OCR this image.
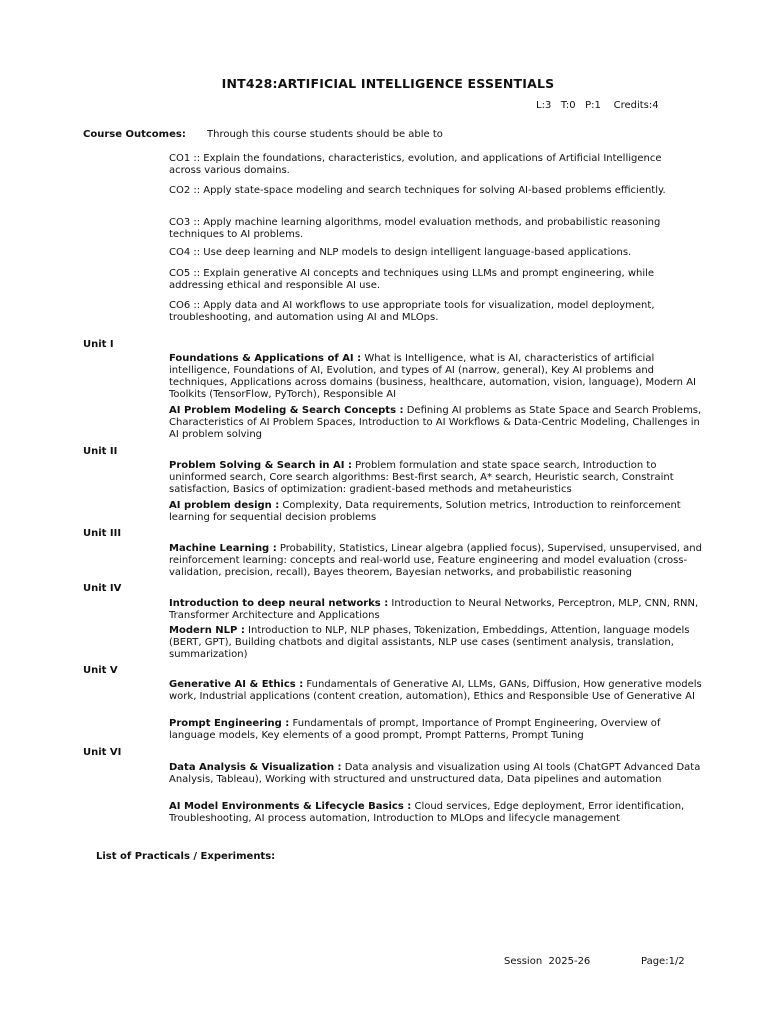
INT428:ARTIFICIAL INTELLIGENCE ESSENTIALS
L:3   T:0   P:1    Credits:4
Course Outcomes: Through this course students should be able to
CO1 :: Explain the foundations, characteristics, evolution, and applications of Artificial Intelligence across various domains.
CO2 :: Apply state-space modeling and search techniques for solving AI-based problems efficiently.
CO3 :: Apply machine learning algorithms, model evaluation methods, and probabilistic reasoning techniques to AI problems.
CO4 :: Use deep learning and NLP models to design intelligent language-based applications.
CO5 :: Explain generative AI concepts and techniques using LLMs and prompt engineering, while addressing ethical and responsible AI use.
CO6 :: Apply data and AI workflows to use appropriate tools for visualization, model deployment, troubleshooting, and automation using AI and MLOps.
Unit I
Foundations & Applications of AI : What is Intelligence, what is AI, characteristics of artificial intelligence, Foundations of AI, Evolution, and types of AI (narrow, general), Key AI problems and techniques, Applications across domains (business, healthcare, automation, vision, language), Modern AI Toolkits (TensorFlow, PyTorch), Responsible AI
AI Problem Modeling & Search Concepts : Defining AI problems as State Space and Search Problems, Characteristics of AI Problem Spaces, Introduction to AI Workflows & Data-Centric Modeling, Challenges in AI problem solving
Unit II
Problem Solving & Search in AI : Problem formulation and state space search, Introduction to uninformed search, Core search algorithms: Best-first search, A* search, Heuristic search, Constraint satisfaction, Basics of optimization: gradient-based methods and metaheuristics
AI problem design : Complexity, Data requirements, Solution metrics, Introduction to reinforcement learning for sequential decision problems
Unit III
Machine Learning : Probability, Statistics, Linear algebra (applied focus), Supervised, unsupervised, and reinforcement learning: concepts and real-world use, Feature engineering and model evaluation (cross-validation, precision, recall), Bayes theorem, Bayesian networks, and probabilistic reasoning
Unit IV
Introduction to deep neural networks : Introduction to Neural Networks, Perceptron, MLP, CNN, RNN, Transformer Architecture and Applications
Modern NLP : Introduction to NLP, NLP phases, Tokenization, Embeddings, Attention, language models (BERT, GPT), Building chatbots and digital assistants, NLP use cases (sentiment analysis, translation, summarization)
Unit V
Generative AI & Ethics : Fundamentals of Generative AI, LLMs, GANs, Diffusion, How generative models work, Industrial applications (content creation, automation), Ethics and Responsible Use of Generative AI
Prompt Engineering : Fundamentals of prompt, Importance of Prompt Engineering, Overview of language models, Key elements of a good prompt, Prompt Patterns, Prompt Tuning
Unit VI
Data Analysis & Visualization : Data analysis and visualization using AI tools (ChatGPT Advanced Data Analysis, Tableau), Working with structured and unstructured data, Data pipelines and automation
AI Model Environments & Lifecycle Basics : Cloud services, Edge deployment, Error identification, Troubleshooting, AI process automation, Introduction to MLOps and lifecycle management
List of Practicals / Experiments:
Session  2025-26	Page:1/2
